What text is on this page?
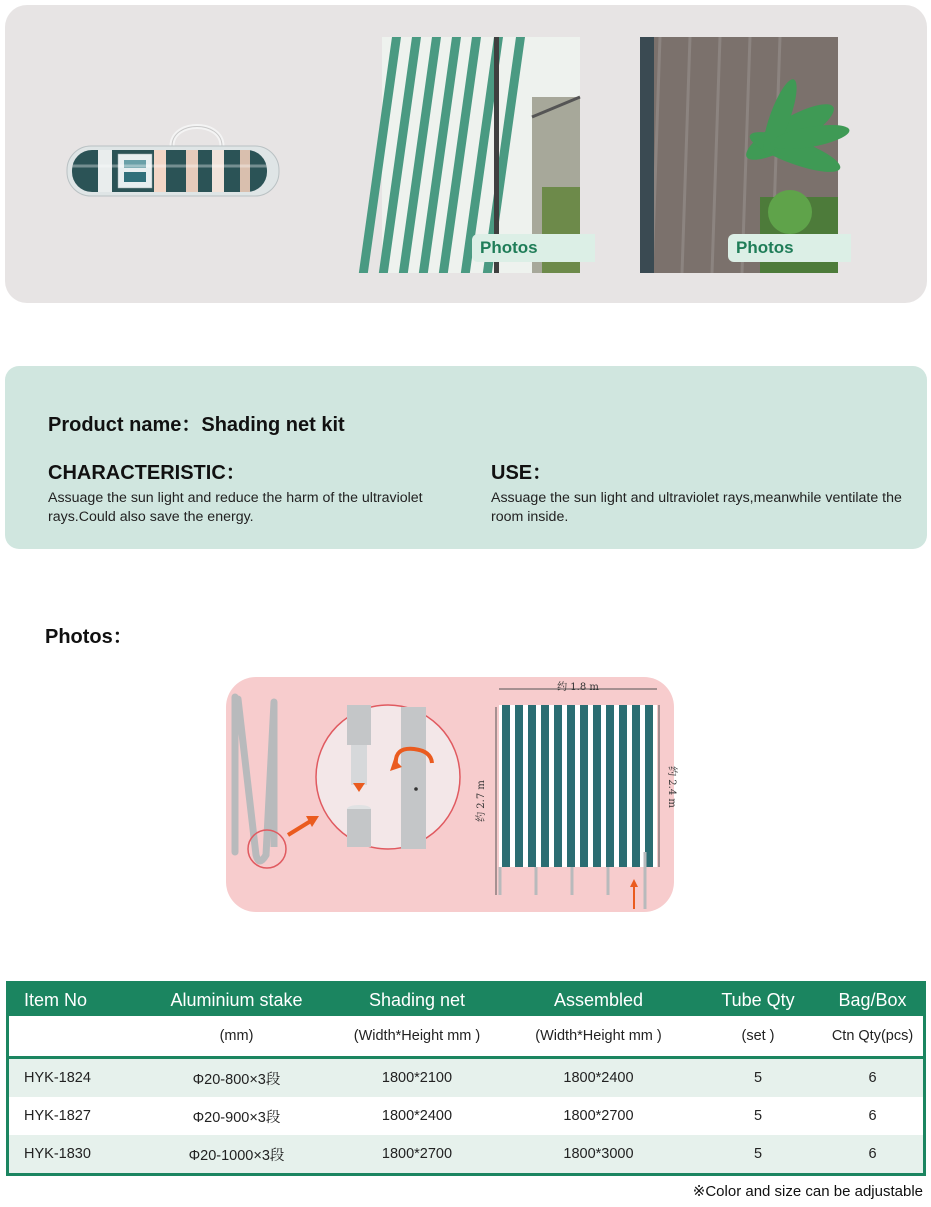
Photos	Photos
Product name：Shading net kit
CHARACTERISTIC：
Assuage the sun light and reduce the harm of the ultraviolet rays.Could also save the energy.
USE：
Assuage the sun light and ultraviolet rays,meanwhile ventilate the room inside.
Photos：
约 1.8 m
约 2.7 m	约 2.4 m
Item No	Aluminium stake	Shading net	Assembled	Tube Qty	Bag/Box
	(mm)	(Width*Height mm )	(Width*Height mm )	(set )	Ctn Qty(pcs)
HYK-1824	Φ20-800×3段	1800*2100	1800*2400	5	6
HYK-1827	Φ20-900×3段	1800*2400	1800*2700	5	6
HYK-1830	Φ20-1000×3段	1800*2700	1800*3000	5	6
※Color and size can be adjustable
